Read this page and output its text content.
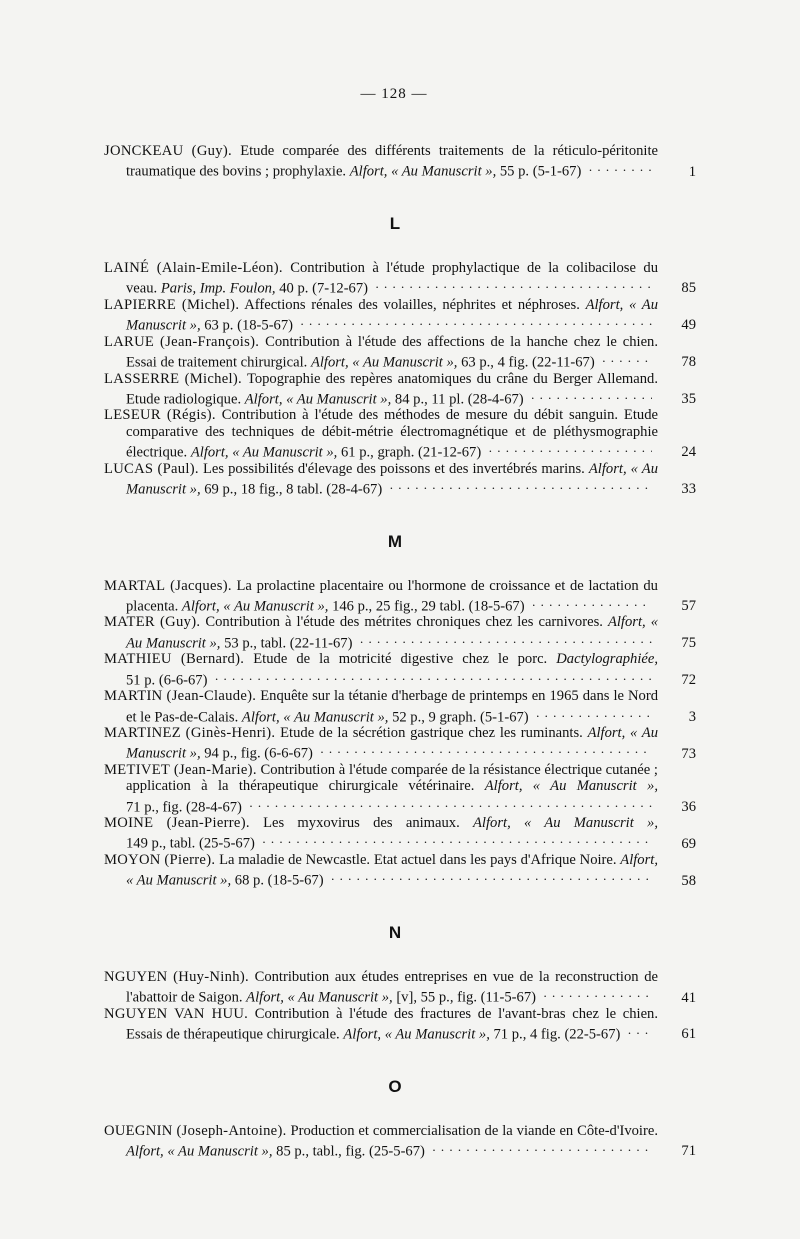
— 128 —
JONCKEAU (Guy). Etude comparée des différents traitements de la réticulo-péritonite traumatique des bovins ; prophylaxie. Alfort, « Au Manuscrit », 55 p. (5-1-67) . . .	1
L
LAINÉ (Alain-Emile-Léon). Contribution à l'étude prophylactique de la colibacilose du veau. Paris, Imp. Foulon, 40 p. (7-12-67) . . .	85
LAPIERRE (Michel). Affections rénales des volailles, néphrites et néphroses. Alfort, « Au Manuscrit », 63 p. (18-5-67) . . .	49
LARUE (Jean-François). Contribution à l'étude des affections de la hanche chez le chien. Essai de traitement chirurgical. Alfort, « Au Manuscrit », 63 p., 4 fig. (22-11-67) . . .	78
LASSERRE (Michel). Topographie des repères anatomiques du crâne du Berger Allemand. Etude radiologique. Alfort, « Au Manuscrit », 84 p., 11 pl. (28-4-67) . . .	35
LESEUR (Régis). Contribution à l'étude des méthodes de mesure du débit sanguin. Etude comparative des techniques de débit-métrie électromagnétique et de pléthysmographie électrique. Alfort, « Au Manuscrit », 61 p., graph. (21-12-67) . . .	24
LUCAS (Paul). Les possibilités d'élevage des poissons et des invertébrés marins. Alfort, « Au Manuscrit », 69 p., 18 fig., 8 tabl. (28-4-67) . . .	33
M
MARTAL (Jacques). La prolactine placentaire ou l'hormone de croissance et de lactation du placenta. Alfort, « Au Manuscrit », 146 p., 25 fig., 29 tabl. (18-5-67) . . .	57
MATER (Guy). Contribution à l'étude des métrites chroniques chez les carnivores. Alfort, « Au Manuscrit », 53 p., tabl. (22-11-67) . . .	75
MATHIEU (Bernard). Etude de la motricité digestive chez le porc. Dactylographiée, 51 p. (6-6-67) . . .	72
MARTIN (Jean-Claude). Enquête sur la tétanie d'herbage de printemps en 1965 dans le Nord et le Pas-de-Calais. Alfort, « Au Manuscrit », 52 p., 9 graph. (5-1-67) . . .	3
MARTINEZ (Ginès-Henri). Etude de la sécrétion gastrique chez les ruminants. Alfort, « Au Manuscrit », 94 p., fig. (6-6-67) . . .	73
METIVET (Jean-Marie). Contribution à l'étude comparée de la résistance électrique cutanée ; application à la thérapeutique chirurgicale vétérinaire. Alfort, « Au Manuscrit », 71 p., fig. (28-4-67) . . .	36
MOINE (Jean-Pierre). Les myxovirus des animaux. Alfort, « Au Manuscrit », 149 p., tabl. (25-5-67) . . .	69
MOYON (Pierre). La maladie de Newcastle. Etat actuel dans les pays d'Afrique Noire. Alfort, « Au Manuscrit », 68 p. (18-5-67) . . .	58
N
NGUYEN (Huy-Ninh). Contribution aux études entreprises en vue de la reconstruction de l'abattoir de Saigon. Alfort, « Au Manuscrit », [v], 55 p., fig. (11-5-67) . . .	41
NGUYEN VAN HUU. Contribution à l'étude des fractures de l'avant-bras chez le chien. Essais de thérapeutique chirurgicale. Alfort, « Au Manuscrit », 71 p., 4 fig. (22-5-67) . . .	61
O
OUEGNIN (Joseph-Antoine). Production et commercialisation de la viande en Côte-d'Ivoire. Alfort, « Au Manuscrit », 85 p., tabl., fig. (25-5-67) . . .	71
